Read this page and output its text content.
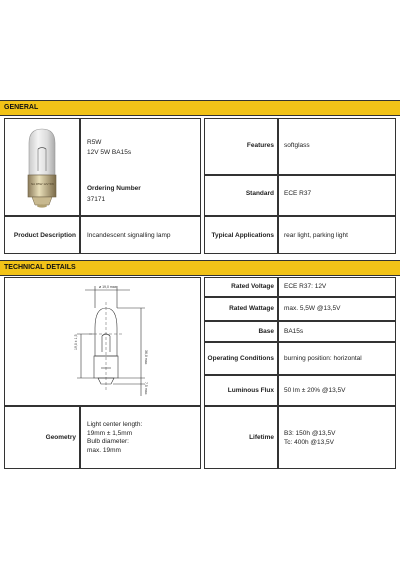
GENERAL
NA R5W 12V 5W
R5W
12V 5W BA15s
Ordering Number
37171
Features softglass
Standard ECE R37
Product Description Incandescent signalling lamp	Typical Applications rear light, parking light
TECHNICAL DETAILS
ø 19,0 max
36,0 max
19,0 ± 1,5
7,5 max
Geometry
Light center length:
19mm ± 1,5mm
Bulb diameter:
max. 19mm
Rated Voltage ECE R37: 12V
Rated Wattage max. 5,5W @13,5V
Base BA15s
Operating Conditions burning position: horizontal
Luminous Flux 50 lm ± 20% @13,5V
Lifetime
B3: 150h @13,5V
Tc: 400h @13,5V
